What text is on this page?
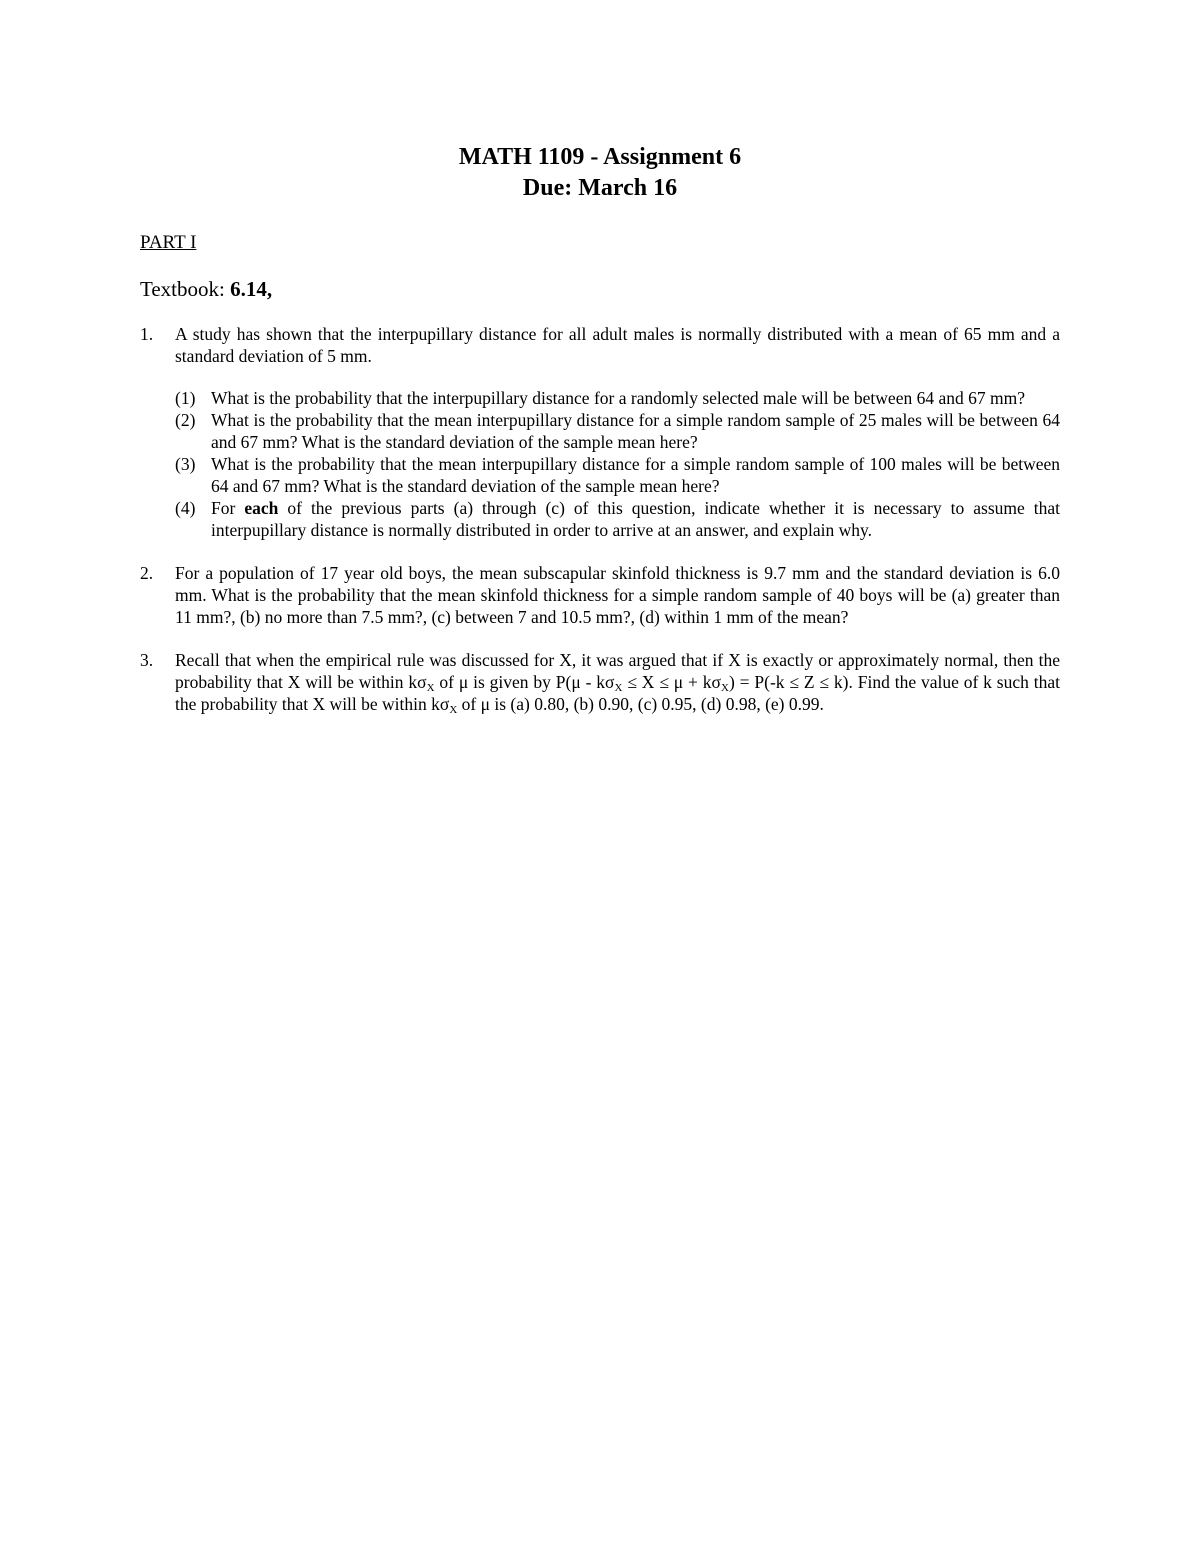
MATH 1109 - Assignment 6
Due: March 16
PART I
Textbook: 6.14,
1.	A study has shown that the interpupillary distance for all adult males is normally distributed with a mean of 65 mm and a standard deviation of 5 mm.
(1) What is the probability that the interpupillary distance for a randomly selected male will be between 64 and 67 mm?
(2) What is the probability that the mean interpupillary distance for a simple random sample of 25 males will be between 64 and 67 mm? What is the standard deviation of the sample mean here?
(3) What is the probability that the mean interpupillary distance for a simple random sample of 100 males will be between 64 and 67 mm? What is the standard deviation of the sample mean here?
(4) For each of the previous parts (a) through (c) of this question, indicate whether it is necessary to assume that interpupillary distance is normally distributed in order to arrive at an answer, and explain why.
2.	For a population of 17 year old boys, the mean subscapular skinfold thickness is 9.7 mm and the standard deviation is 6.0 mm. What is the probability that the mean skinfold thickness for a simple random sample of 40 boys will be (a) greater than 11 mm?, (b) no more than 7.5 mm?, (c) between 7 and 10.5 mm?, (d) within 1 mm of the mean?
3.	Recall that when the empirical rule was discussed for X, it was argued that if X is exactly or approximately normal, then the probability that X will be within $k\sigma_X$ of μ is given by $P(\mu - k\sigma_X \le X \le \mu + k\sigma_X) = P(-k \le Z \le k)$. Find the value of k such that the probability that X will be within $k\sigma_X$ of μ is (a) 0.80, (b) 0.90, (c) 0.95, (d) 0.98, (e) 0.99.
